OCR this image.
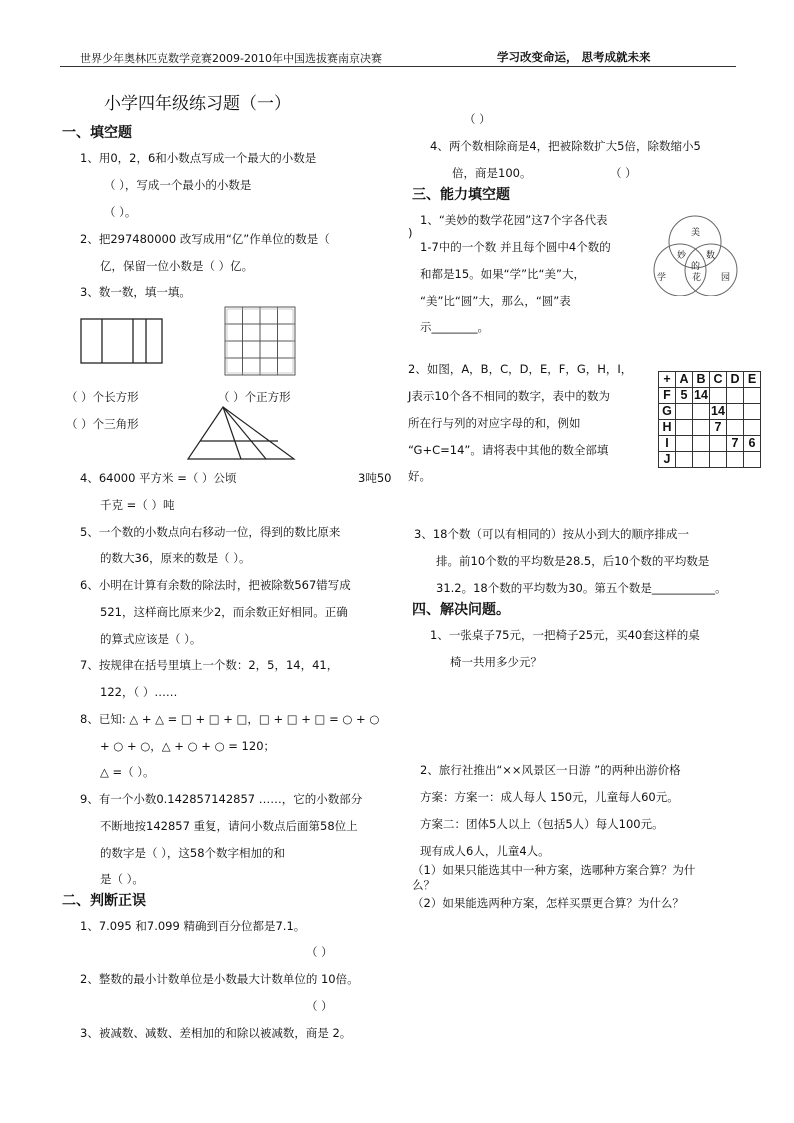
世界少年奥林匹克数学竞赛2009-2010年中国选拔赛南京决赛	学习改变命运， 思考成就未来
小学四年级练习题（一）
一、填空题
1、用0，2，6和小数点写成一个最大的小数是
（ ），写成一个最小的小数是
（ ）。
2、把297480000 改写成用“亿”作单位的数是（
亿，保留一位小数是（ ）亿。
3、数一数，填一填。
（ ）个长方形	（ ）个正方形
（ ）个三角形
4、64000 平方米 =（ ）公顷	3吨50
千克 =（ ）吨
5、一个数的小数点向右移动一位，得到的数比原来
的数大36，原来的数是（ ）。
6、小明在计算有余数的除法时，把被除数567错写成
521，这样商比原来少2，而余数正好相同。正确
的算式应该是（ ）。
7、按规律在括号里填上一个数：2，5，14，41，
122，（ ）……
8、已知: △ + △ = □ + □ + □，□ + □ + □ = ○ + ○
+ ○ + ○，△ + ○ + ○ = 120；
△ =（ ）。
9、有一个小数0.142857142857 ……，它的小数部分
不断地按142857 重复，请问小数点后面第58位上
的数字是（ ），这58个数字相加的和
是（ ）。
二、判断正误
1、7.095 和7.099 精确到百分位都是7.1。
（ ）
2、整数的最小计数单位是小数最大计数单位的 10倍。
（ ）
3、被减数、减数、差相加的和除以被减数，商是 2。
（ ）
4、两个数相除商是4，把被除数扩大5倍，除数缩小5
倍，商是100。	（ ）
三、能力填空题
1、“美妙的数学花园”这7个字各代表
)
1-7中的一个数 并且每个圆中4个数的
和都是15。如果“学”比“美”大，
“美”比“圆”大，那么，“圆”表
示________。
美
妙 数
的
花
学	园
2、如图，A，B，C，D，E，F，G，H，I，
J表示10个各不相同的数字，表中的数为
所在行与列的对应字母的和，例如
“G+C=14”。请将表中其他的数全部填
好。
+	A	B	C	D	E
F	5	14			
G			14		
H			7		
I				7	6
J					
3、18个数（可以有相同的）按从小到大的顺序排成一
排。前10个数的平均数是28.5，后10个数的平均数是
31.2。18个数的平均数为30。第五个数是___________。
四、解决问题。
1、一张桌子75元，一把椅子25元，买40套这样的桌
椅一共用多少元？
2、旅行社推出“××风景区一日游 ”的两种出游价格
方案：方案一：成人每人 150元，儿童每人60元。
方案二：团体5人以上（包括5人）每人100元。
现有成人6人，儿童4人。
（1）如果只能选其中一种方案，选哪种方案合算？为什
么？
（2）如果能选两种方案，怎样买票更合算？为什么？
